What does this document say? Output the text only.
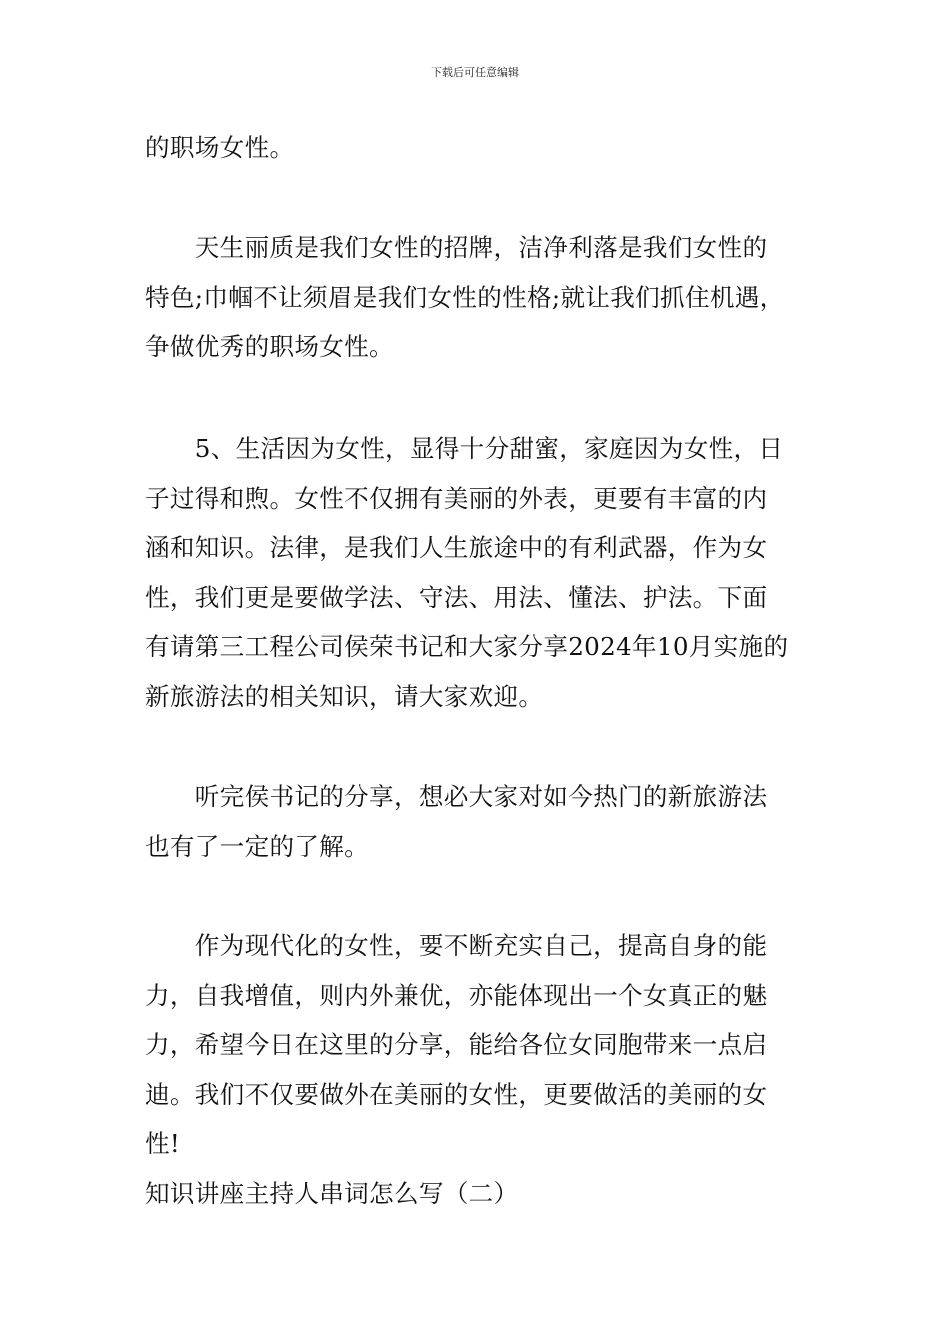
下载后可任意编辑
的职场女性。
　　天生丽质是我们女性的招牌，洁净利落是我们女性的
特色;巾帼不让须眉是我们女性的性格;就让我们抓住机遇，
争做优秀的职场女性。
　　5、生活因为女性，显得十分甜蜜，家庭因为女性，日
子过得和煦。女性不仅拥有美丽的外表，更要有丰富的内
涵和知识。法律，是我们人生旅途中的有利武器，作为女
性，我们更是要做学法、守法、用法、懂法、护法。下面
有请第三工程公司侯荣书记和大家分享2024年10月实施的
新旅游法的相关知识，请大家欢迎。
　　听完侯书记的分享，想必大家对如今热门的新旅游法
也有了一定的了解。
　　作为现代化的女性，要不断充实自己，提高自身的能
力，自我增值，则内外兼优，亦能体现出一个女真正的魅
力，希望今日在这里的分享，能给各位女同胞带来一点启
迪。我们不仅要做外在美丽的女性，更要做活的美丽的女
性!
知识讲座主持人串词怎么写（二）
